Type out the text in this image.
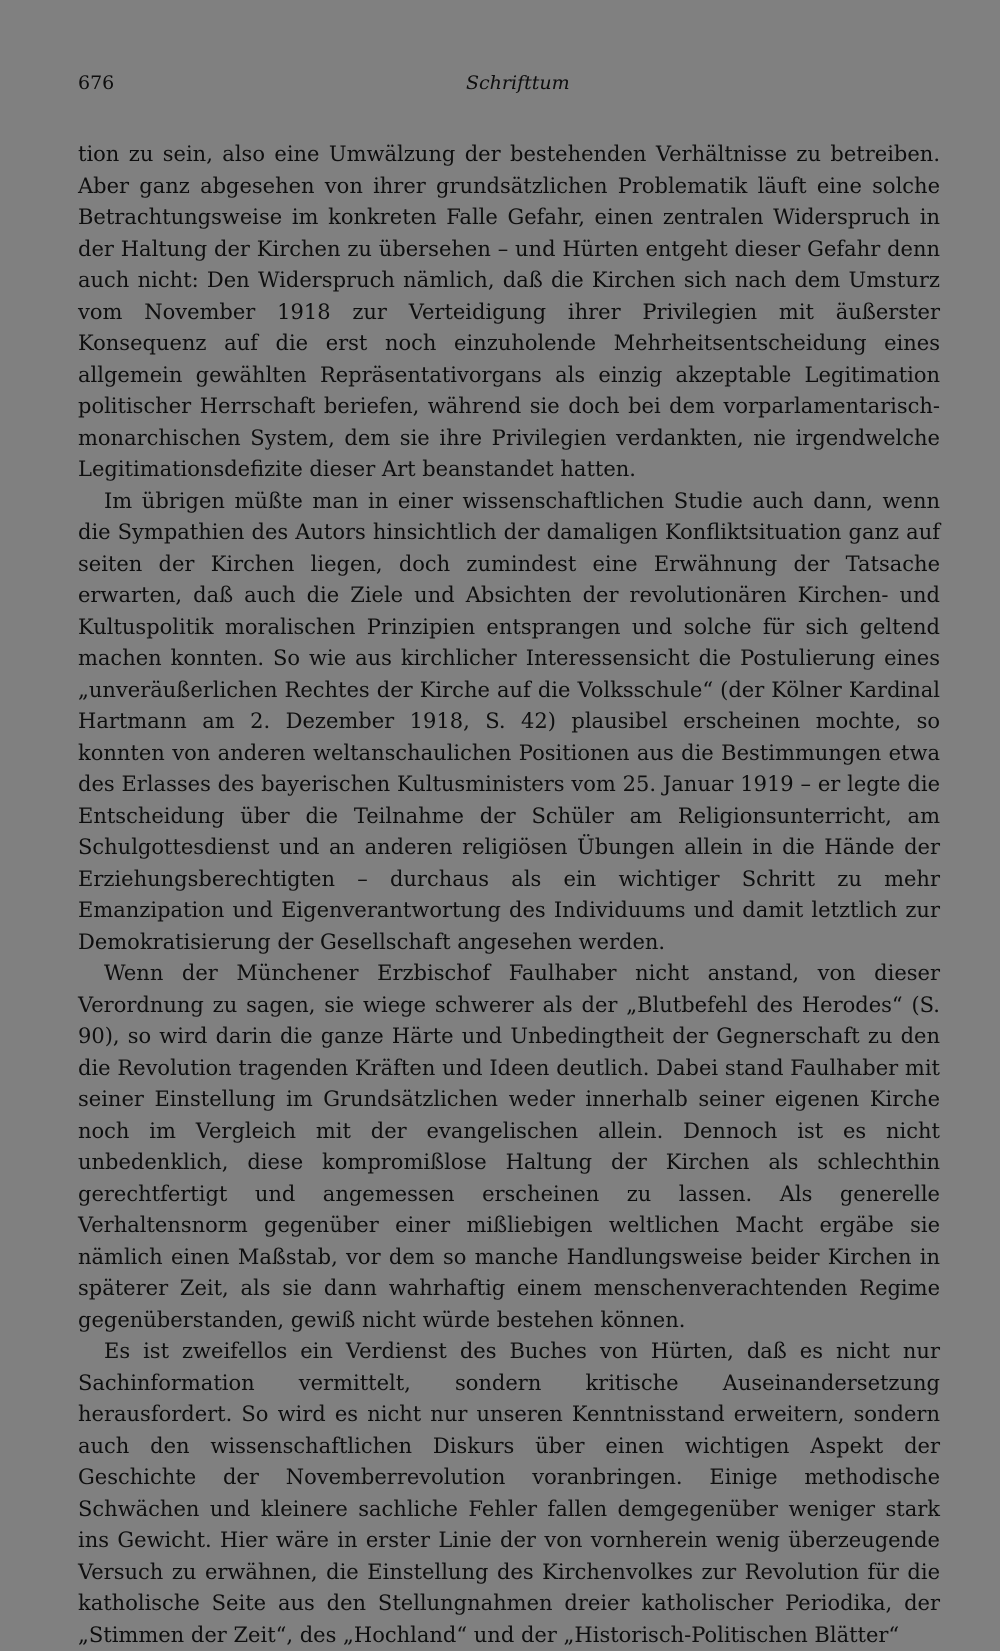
676	Schrifttum

tion zu sein, also eine Umwälzung der bestehenden Verhältnisse zu betreiben. Aber ganz abgesehen von ihrer grundsätzlichen Problematik läuft eine solche Betrachtungsweise im konkreten Falle Gefahr, einen zentralen Widerspruch in der Haltung der Kirchen zu übersehen – und Hürten entgeht dieser Gefahr denn auch nicht: Den Widerspruch nämlich, daß die Kirchen sich nach dem Umsturz vom November 1918 zur Verteidigung ihrer Privilegien mit äußerster Konsequenz auf die erst noch einzuholende Mehrheitsentscheidung eines allgemein gewählten Repräsentativorgans als einzig akzeptable Legitimation politischer Herrschaft beriefen, während sie doch bei dem vorparlamentarisch-monarchischen System, dem sie ihre Privilegien verdankten, nie irgendwelche Legitimationsdefizite dieser Art beanstandet hatten.

Im übrigen müßte man in einer wissenschaftlichen Studie auch dann, wenn die Sympathien des Autors hinsichtlich der damaligen Konfliktsituation ganz auf seiten der Kirchen liegen, doch zumindest eine Erwähnung der Tatsache erwarten, daß auch die Ziele und Absichten der revolutionären Kirchen- und Kultuspolitik moralischen Prinzipien entsprangen und solche für sich geltend machen konnten. So wie aus kirchlicher Interessensicht die Postulierung eines „unveräußerlichen Rechtes der Kirche auf die Volksschule“ (der Kölner Kardinal Hartmann am 2. Dezember 1918, S. 42) plausibel erscheinen mochte, so konnten von anderen weltanschaulichen Positionen aus die Bestimmungen etwa des Erlasses des bayerischen Kultusministers vom 25. Januar 1919 – er legte die Entscheidung über die Teilnahme der Schüler am Religionsunterricht, am Schulgottesdienst und an anderen religiösen Übungen allein in die Hände der Erziehungsberechtigten – durchaus als ein wichtiger Schritt zu mehr Emanzipation und Eigenverantwortung des Individuums und damit letztlich zur Demokratisierung der Gesellschaft angesehen werden.

Wenn der Münchener Erzbischof Faulhaber nicht anstand, von dieser Verordnung zu sagen, sie wiege schwerer als der „Blutbefehl des Herodes“ (S. 90), so wird darin die ganze Härte und Unbedingtheit der Gegnerschaft zu den die Revolution tragenden Kräften und Ideen deutlich. Dabei stand Faulhaber mit seiner Einstellung im Grundsätzlichen weder innerhalb seiner eigenen Kirche noch im Vergleich mit der evangelischen allein. Dennoch ist es nicht unbedenklich, diese kompromißlose Haltung der Kirchen als schlechthin gerechtfertigt und angemessen erscheinen zu lassen. Als generelle Verhaltensnorm gegenüber einer mißliebigen weltlichen Macht ergäbe sie nämlich einen Maßstab, vor dem so manche Handlungsweise beider Kirchen in späterer Zeit, als sie dann wahrhaftig einem menschenverachtenden Regime gegenüberstanden, gewiß nicht würde bestehen können.

Es ist zweifellos ein Verdienst des Buches von Hürten, daß es nicht nur Sachinformation vermittelt, sondern kritische Auseinandersetzung herausfordert. So wird es nicht nur unseren Kenntnisstand erweitern, sondern auch den wissenschaftlichen Diskurs über einen wichtigen Aspekt der Geschichte der Novemberrevolution voranbringen. Einige methodische Schwächen und kleinere sachliche Fehler fallen demgegenüber weniger stark ins Gewicht. Hier wäre in erster Linie der von vornherein wenig überzeugende Versuch zu erwähnen, die Einstellung des Kirchenvolkes zur Revolution für die katholische Seite aus den Stellungnahmen dreier katholischer Periodika, der „Stimmen der Zeit“, des „Hochland“ und der „Historisch-Politischen Blätter“
